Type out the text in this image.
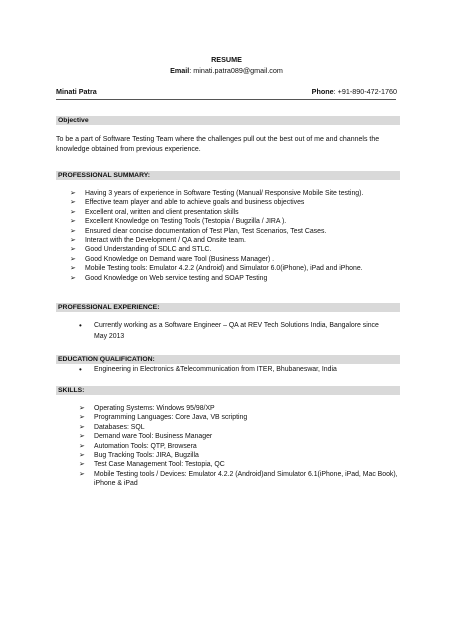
RESUME
Email: minati.patra089@gmail.com
Minati Patra	Phone: +91-890-472-1760
Objective
To be a part of Software Testing Team where the challenges pull out the best out of me and channels the knowledge obtained from previous experience.
PROFESSIONAL SUMMARY:
➢ Having 3 years of experience in Software Testing (Manual/ Responsive Mobile Site testing).
➢ Effective team player and able to achieve goals and business objectives
➢ Excellent oral, written and client presentation skills
➢ Excellent Knowledge on Testing Tools (Testopia / Bugzilla / JIRA ).
➢ Ensured clear concise documentation of Test Plan, Test Scenarios, Test Cases.
➢ Interact with the Development / QA and Onsite team.
➢ Good Understanding of SDLC and STLC.
➢ Good Knowledge on Demand ware Tool (Business Manager) .
➢ Mobile Testing tools: Emulator 4.2.2 (Android) and Simulator 6.0(iPhone), iPad and iPhone.
➢ Good Knowledge on Web service testing and SOAP Testing
PROFESSIONAL EXPERIENCE:
• Currently working as a Software Engineer – QA at REV Tech Solutions India, Bangalore since May 2013
EDUCATION QUALIFICATION:
• Engineering in Electronics &Telecommunication from ITER, Bhubaneswar, India
SKILLS:
➢ Operating Systems: Windows 95/98/XP
➢ Programming Languages: Core Java, VB scripting
➢ Databases: SQL
➢ Demand ware Tool: Business Manager
➢ Automation Tools: QTP, Browsera
➢ Bug Tracking Tools: JIRA, Bugzilla
➢ Test Case Management Tool: Testopia, QC
➢ Mobile Testing tools / Devices: Emulator 4.2.2 (Android)and Simulator 6.1(iPhone, iPad, Mac Book), iPhone & iPad
